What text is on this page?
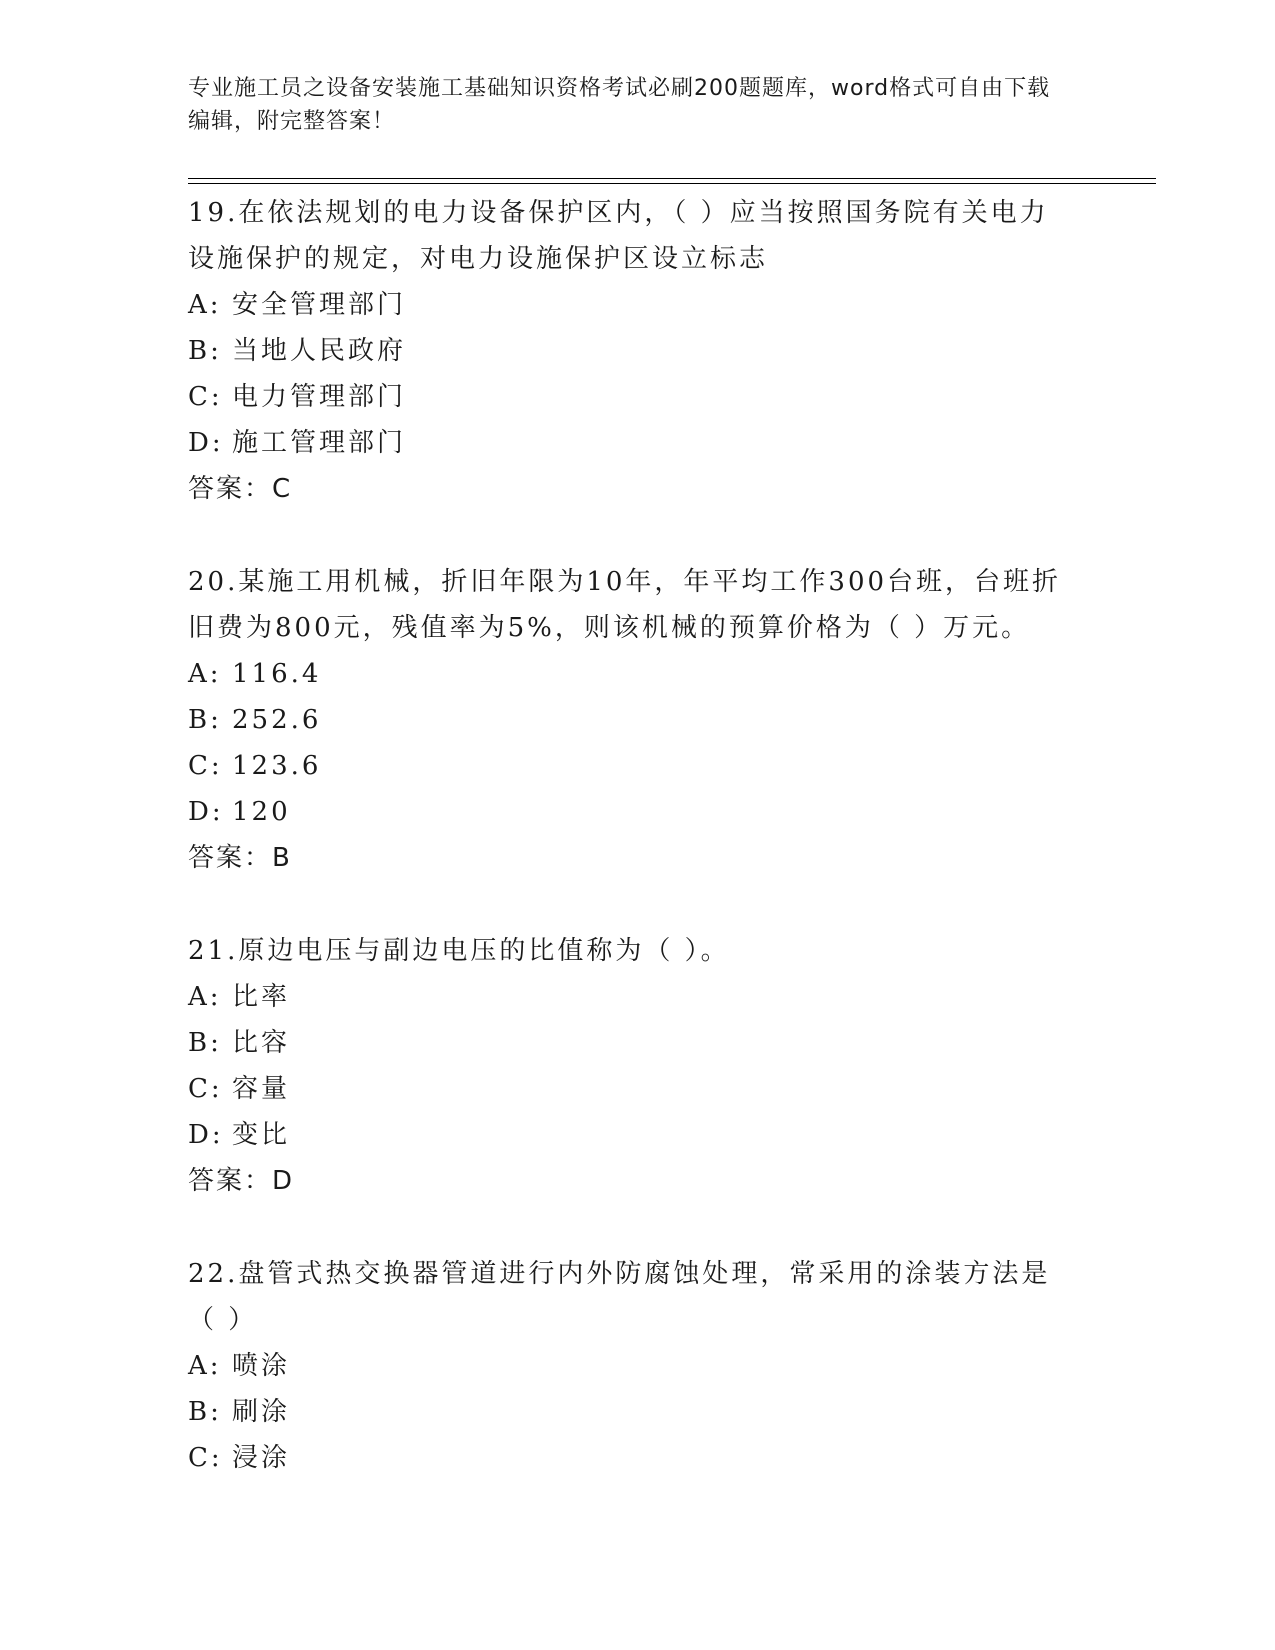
专业施工员之设备安装施工基础知识资格考试必刷200题题库，word格式可自由下载编辑，附完整答案！
19.在依法规划的电力设备保护区内，（ ）应当按照国务院有关电力设施保护的规定，对电力设施保护区设立标志
A: 安全管理部门
B: 当地人民政府
C: 电力管理部门
D: 施工管理部门
答案：C
20.某施工用机械，折旧年限为10年，年平均工作300台班，台班折旧费为800元，残值率为5%，则该机械的预算价格为（ ）万元。
A: 116.4
B: 252.6
C: 123.6
D: 120
答案：B
21.原边电压与副边电压的比值称为（ ）。
A: 比率
B: 比容
C: 容量
D: 变比
答案：D
22.盘管式热交换器管道进行内外防腐蚀处理，常采用的涂装方法是（ ）
A: 喷涂
B: 刷涂
C: 浸涂
